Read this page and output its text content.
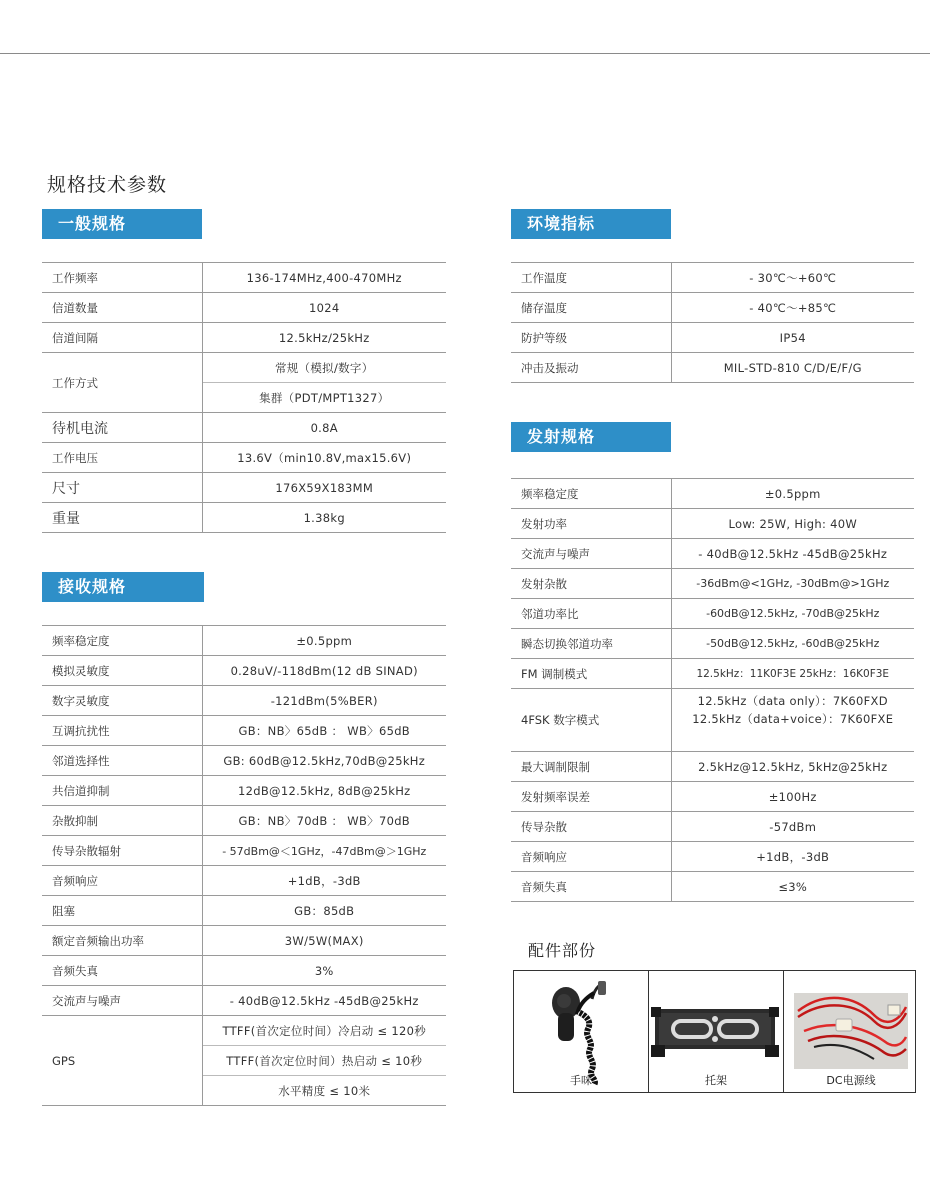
规格技术参数
一般规格
工作频率	136-174MHz,400-470MHz
信道数量	1024
信道间隔	12.5kHz/25kHz
工作方式	常规（模拟/数字）
	集群（PDT/MPT1327）
待机电流	0.8A
工作电压	13.6V（min10.8V,max15.6V)
尺寸	176X59X183MM
重量	1.38kg
接收规格
频率稳定度	±0.5ppm
模拟灵敏度	0.28uV/-118dBm(12 dB SINAD)
数字灵敏度	-121dBm(5%BER)
互调抗扰性	GB：NB〉65dB ： WB〉65dB
邻道选择性	GB: 60dB@12.5kHz,70dB@25kHz
共信道抑制	12dB@12.5kHz, 8dB@25kHz
杂散抑制	GB：NB〉70dB ： WB〉70dB
传导杂散辐射	- 57dBm@＜1GHz，-47dBm@＞1GHz
音频响应	+1dB，-3dB
阻塞	GB：85dB
额定音频输出功率	3W/5W(MAX)
音频失真	3%
交流声与噪声	- 40dB@12.5kHz -45dB@25kHz
GPS	TTFF(首次定位时间）冷启动 ≤ 120秒
	TTFF(首次定位时间）热启动 ≤ 10秒
	水平精度 ≤ 10米
环境指标
工作温度	- 30℃～+60℃
储存温度	- 40℃～+85℃
防护等级	IP54
冲击及振动	MIL-STD-810 C/D/E/F/G
发射规格
频率稳定度	±0.5ppm
发射功率	Low: 25W, High: 40W
交流声与噪声	- 40dB@12.5kHz -45dB@25kHz
发射杂散	-36dBm@<1GHz, -30dBm@>1GHz
邻道功率比	-60dB@12.5kHz, -70dB@25kHz
瞬态切换邻道功率	-50dB@12.5kHz, -60dB@25kHz
FM 调制模式	12.5kHz：11K0F3E 25kHz：16K0F3E
4FSK 数字模式	12.5kHz（data only）：7K60FXD
	12.5kHz（data+voice）：7K60FXE
最大调制限制	2.5kHz@12.5kHz, 5kHz@25kHz
发射频率误差	±100Hz
传导杂散	-57dBm
音频响应	+1dB，-3dB
音频失真	≤3%
配件部份
手咪	托架	DC电源线
